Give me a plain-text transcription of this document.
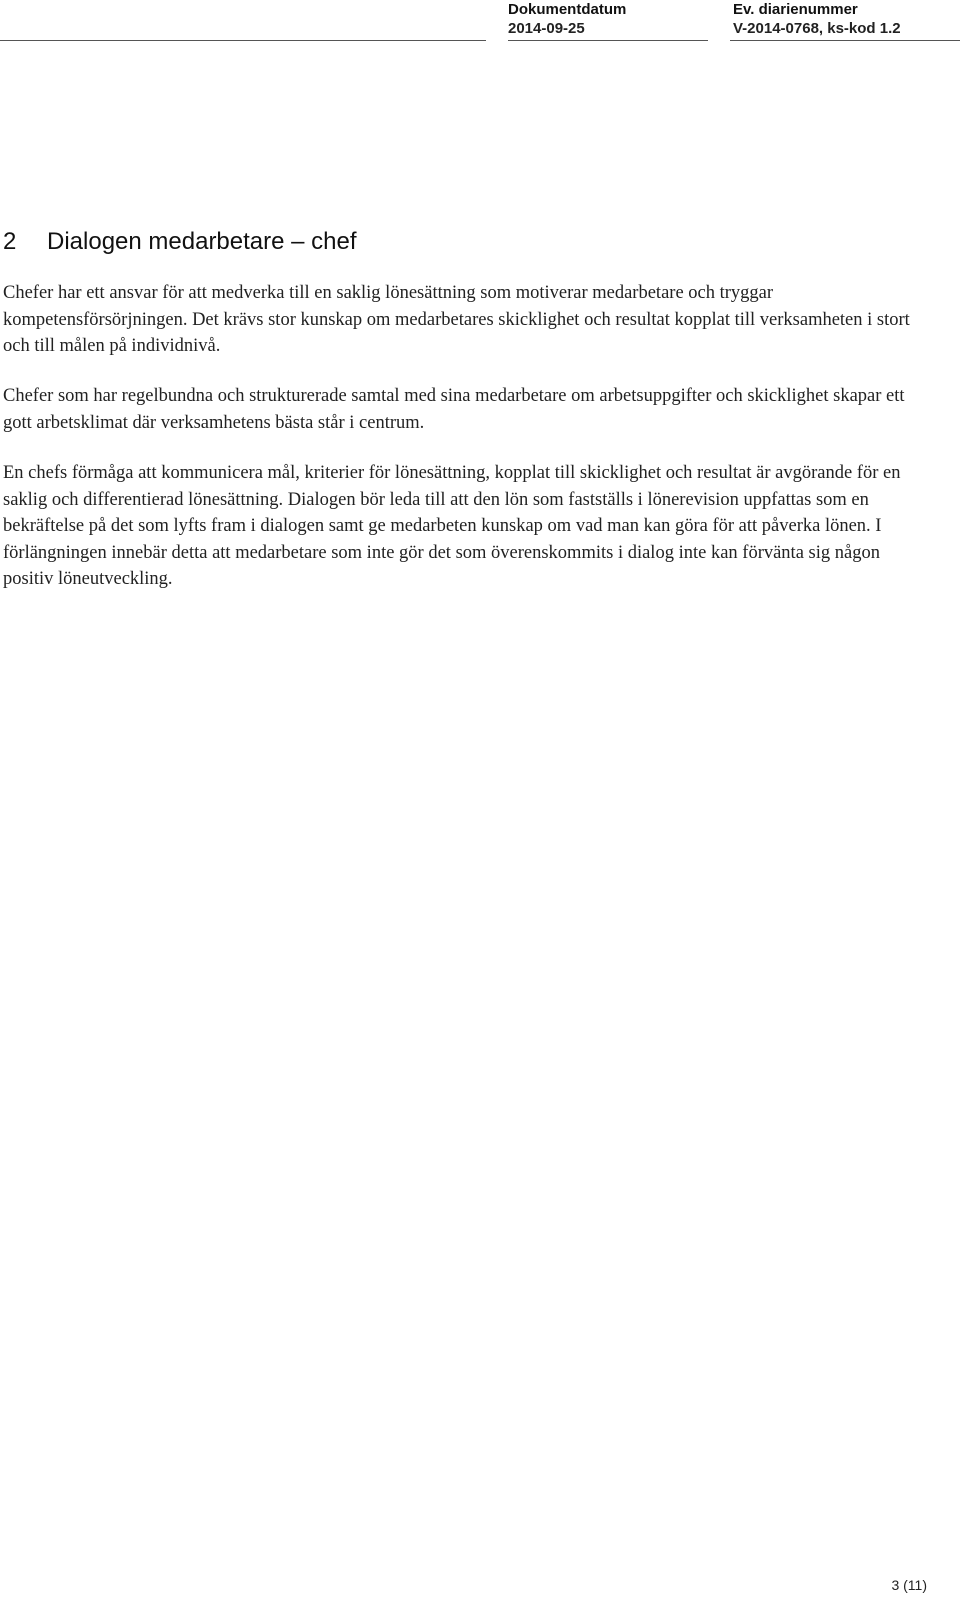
Dokumentdatum
2014-09-25
Ev. diarienummer
V-2014-0768, ks-kod 1.2
2 Dialogen medarbetare – chef

Chefer har ett ansvar för att medverka till en saklig lönesättning som motiverar medarbetare och tryggar kompetensförsörjningen. Det krävs stor kunskap om medarbetares skicklighet och resultat kopplat till verksamheten i stort och till målen på individnivå.

Chefer som har regelbundna och strukturerade samtal med sina medarbetare om arbetsuppgifter och skicklighet skapar ett gott arbetsklimat där verksamhetens bästa står i centrum.

En chefs förmåga att kommunicera mål, kriterier för lönesättning, kopplat till skicklighet och resultat är avgörande för en saklig och differentierad lönesättning. Dialogen bör leda till att den lön som fastställs i lönerevision uppfattas som en bekräftelse på det som lyfts fram i dialogen samt ge medarbeten kunskap om vad man kan göra för att påverka lönen. I förlängningen innebär detta att medarbetare som inte gör det som överenskommits i dialog inte kan förvänta sig någon positiv löneutveckling.

3 (11)
